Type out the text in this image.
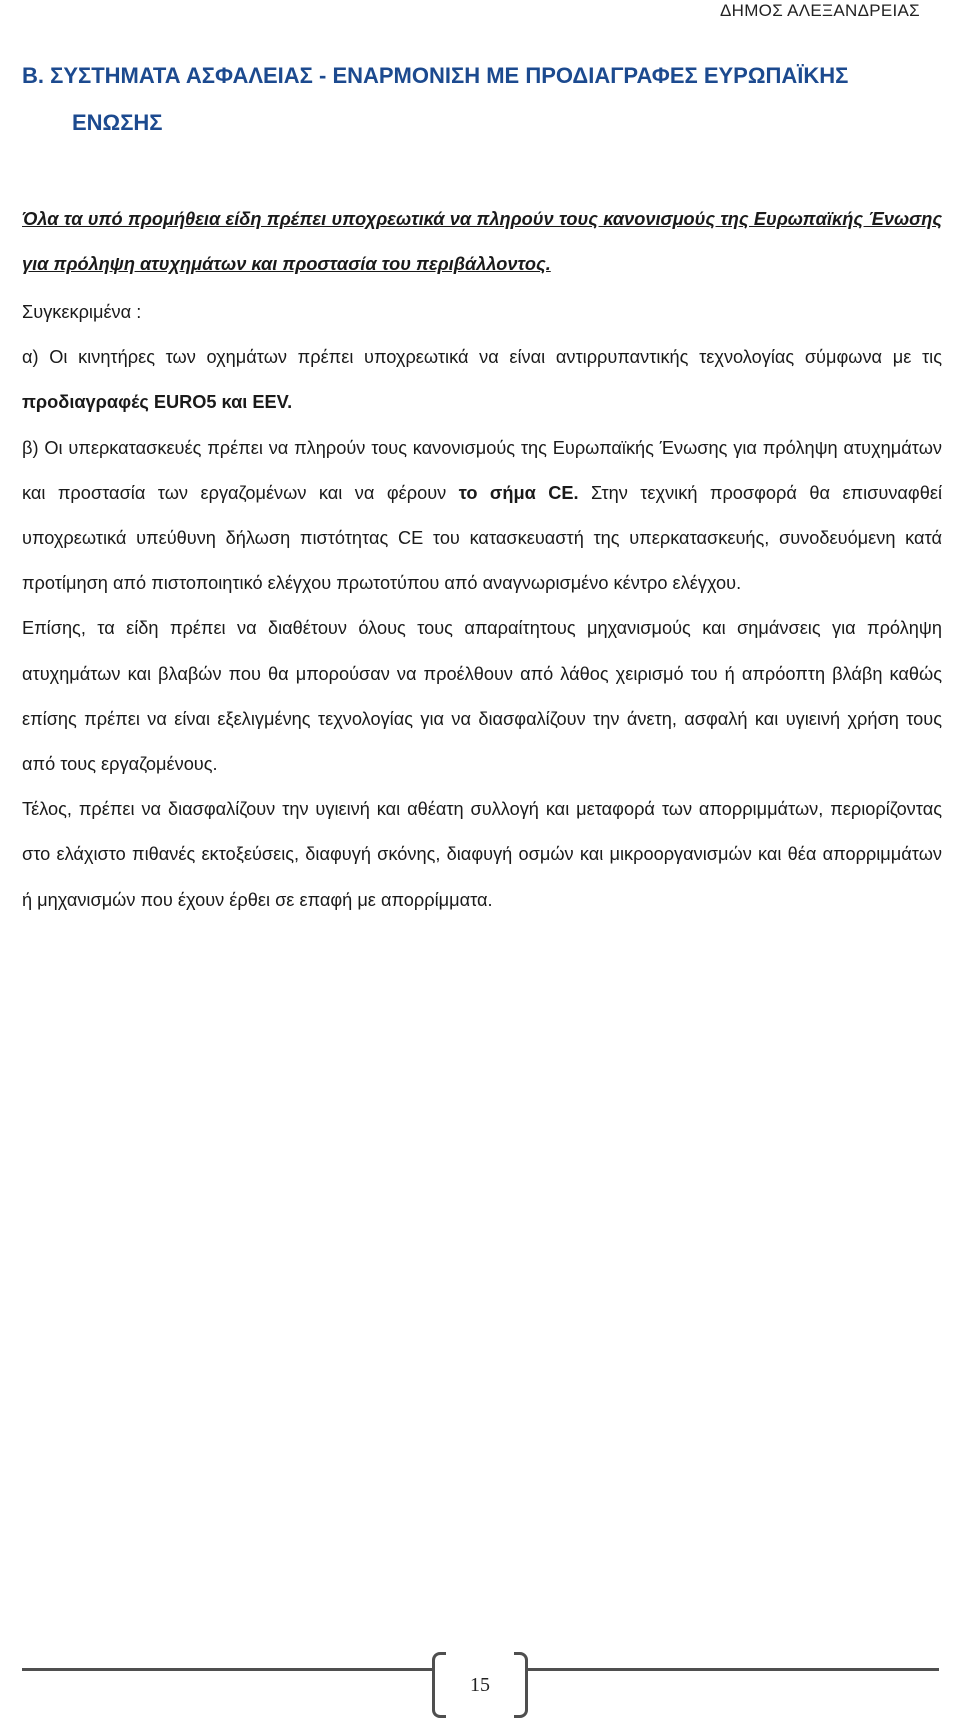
ΔΗΜΟΣ ΑΛΕΞΑΝΔΡΕΙΑΣ
Β. ΣΥΣΤΗΜΑΤΑ ΑΣΦΑΛΕΙΑΣ - ΕΝΑΡΜΟΝΙΣΗ ΜΕ ΠΡΟΔΙΑΓΡΑΦΕΣ ΕΥΡΩΠΑΪΚΗΣ
ΕΝΩΣΗΣ

Όλα τα υπό προμήθεια είδη πρέπει υποχρεωτικά να πληρούν τους κανονισμούς της Ευρωπαϊκής Ένωσης για πρόληψη ατυχημάτων και προστασία του περιβάλλοντος.

Συγκεκριμένα :

α) Οι κινητήρες των οχημάτων πρέπει υποχρεωτικά να είναι αντιρρυπαντικής τεχνολογίας σύμφωνα με τις προδιαγραφές EURO5 και EEV.

β) Οι υπερκατασκευές πρέπει να πληρούν τους κανονισμούς της Ευρωπαϊκής Ένωσης για πρόληψη ατυχημάτων και προστασία των εργαζομένων και να φέρουν το σήμα CE. Στην τεχνική προσφορά θα επισυναφθεί υποχρεωτικά υπεύθυνη δήλωση πιστότητας CE του κατασκευαστή της υπερκατασκευής, συνοδευόμενη κατά προτίμηση από πιστοποιητικό ελέγχου πρωτοτύπου από αναγνωρισμένο κέντρο ελέγχου.

Επίσης, τα είδη πρέπει να διαθέτουν όλους τους απαραίτητους μηχανισμούς και σημάνσεις για πρόληψη ατυχημάτων και βλαβών που θα μπορούσαν να προέλθουν από λάθος χειρισμό του ή απρόοπτη βλάβη καθώς επίσης πρέπει να είναι εξελιγμένης τεχνολογίας για να διασφαλίζουν την άνετη, ασφαλή και υγιεινή χρήση τους από τους εργαζομένους.

Τέλος, πρέπει να διασφαλίζουν την υγιεινή και αθέατη συλλογή και μεταφορά των απορριμμάτων, περιορίζοντας στο ελάχιστο πιθανές εκτοξεύσεις, διαφυγή σκόνης, διαφυγή οσμών και μικροοργανισμών και θέα απορριμμάτων ή μηχανισμών που έχουν έρθει σε επαφή με απορρίμματα.

15
